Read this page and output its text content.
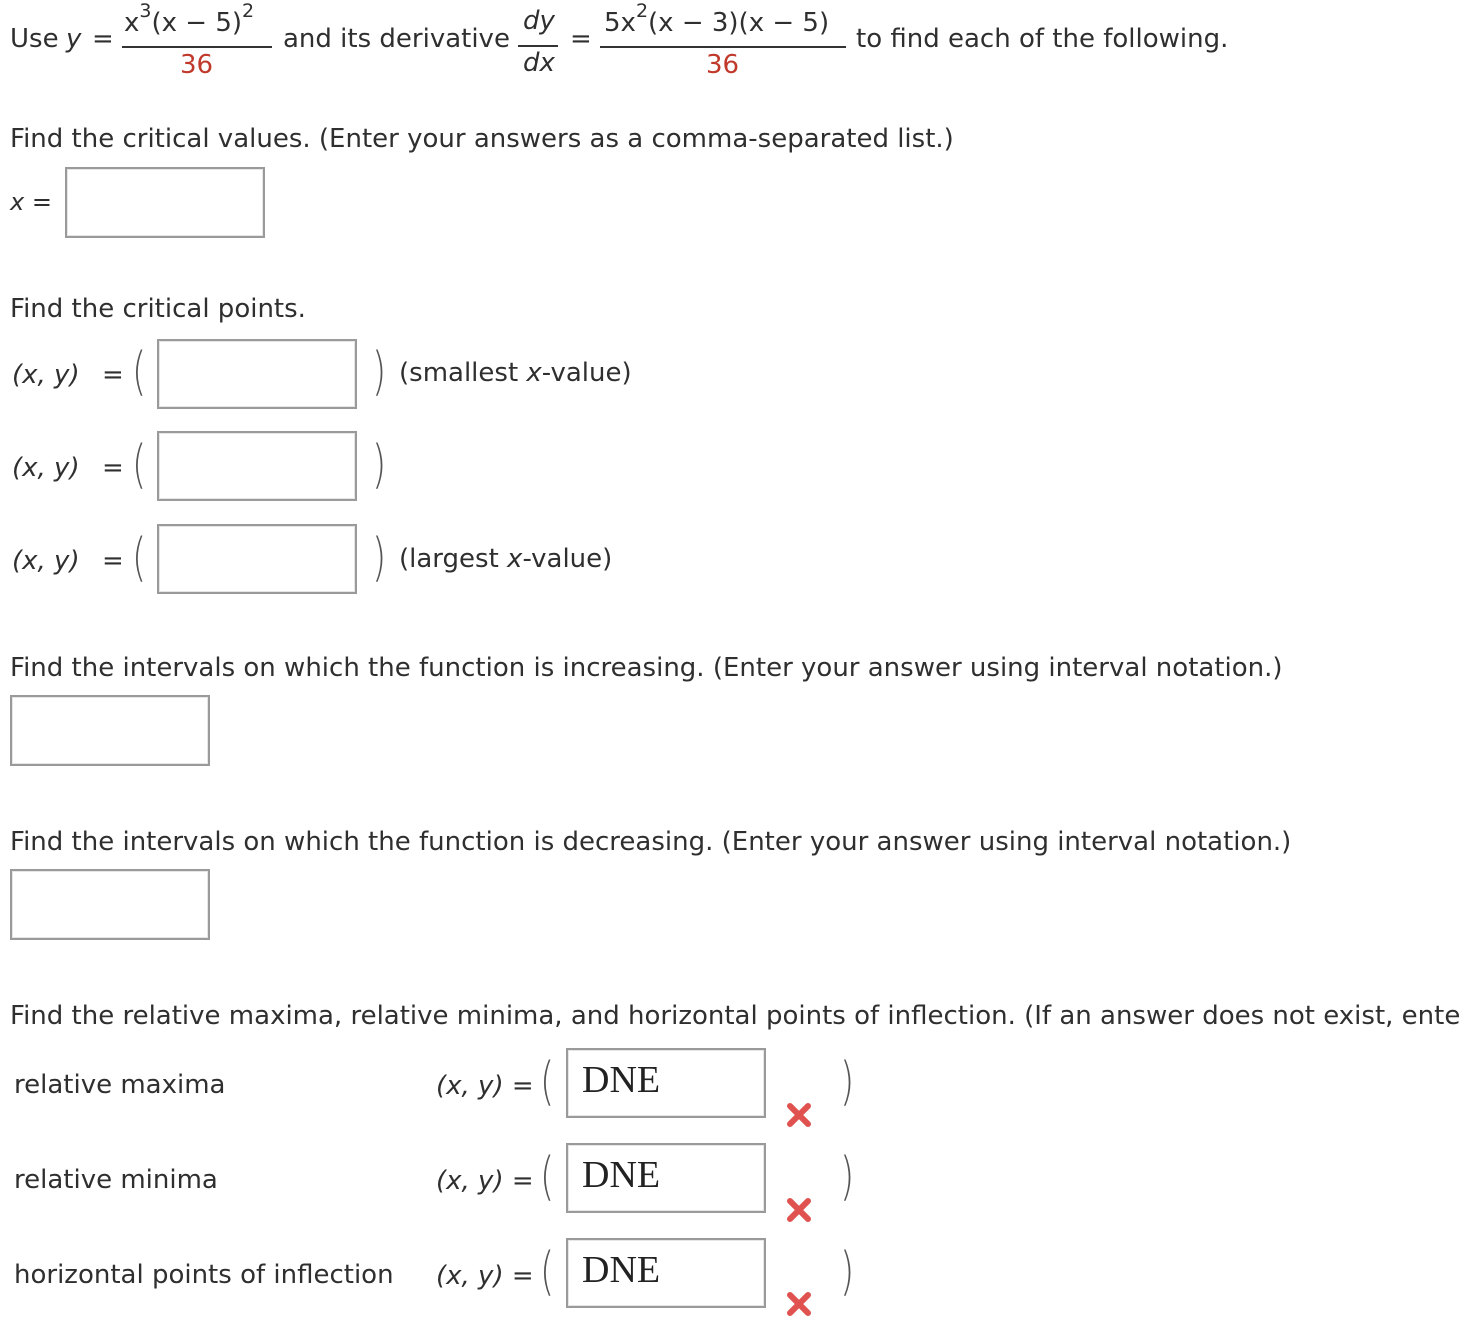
Use y =
$x^3(x - 5)^2$
36
and its derivative
dy
dx
=
$5x^2(x - 3)(x - 5)$
36
to find each of the following.
Find the critical values. (Enter your answers as a comma-separated list.)
x =
Find the critical points.
(x, y) = (	) (smallest x-value)
(x, y) = (	)
(x, y) = (	) (largest x-value)
Find the intervals on which the function is increasing. (Enter your answer using interval notation.)
Find the intervals on which the function is decreasing. (Enter your answer using interval notation.)
Find the relative maxima, relative minima, and horizontal points of inflection. (If an answer does not exist, ente
relative maxima	(x, y) = ( DNE	)
relative minima	(x, y) = ( DNE	)
horizontal points of inflection (x, y) = ( DNE	)
